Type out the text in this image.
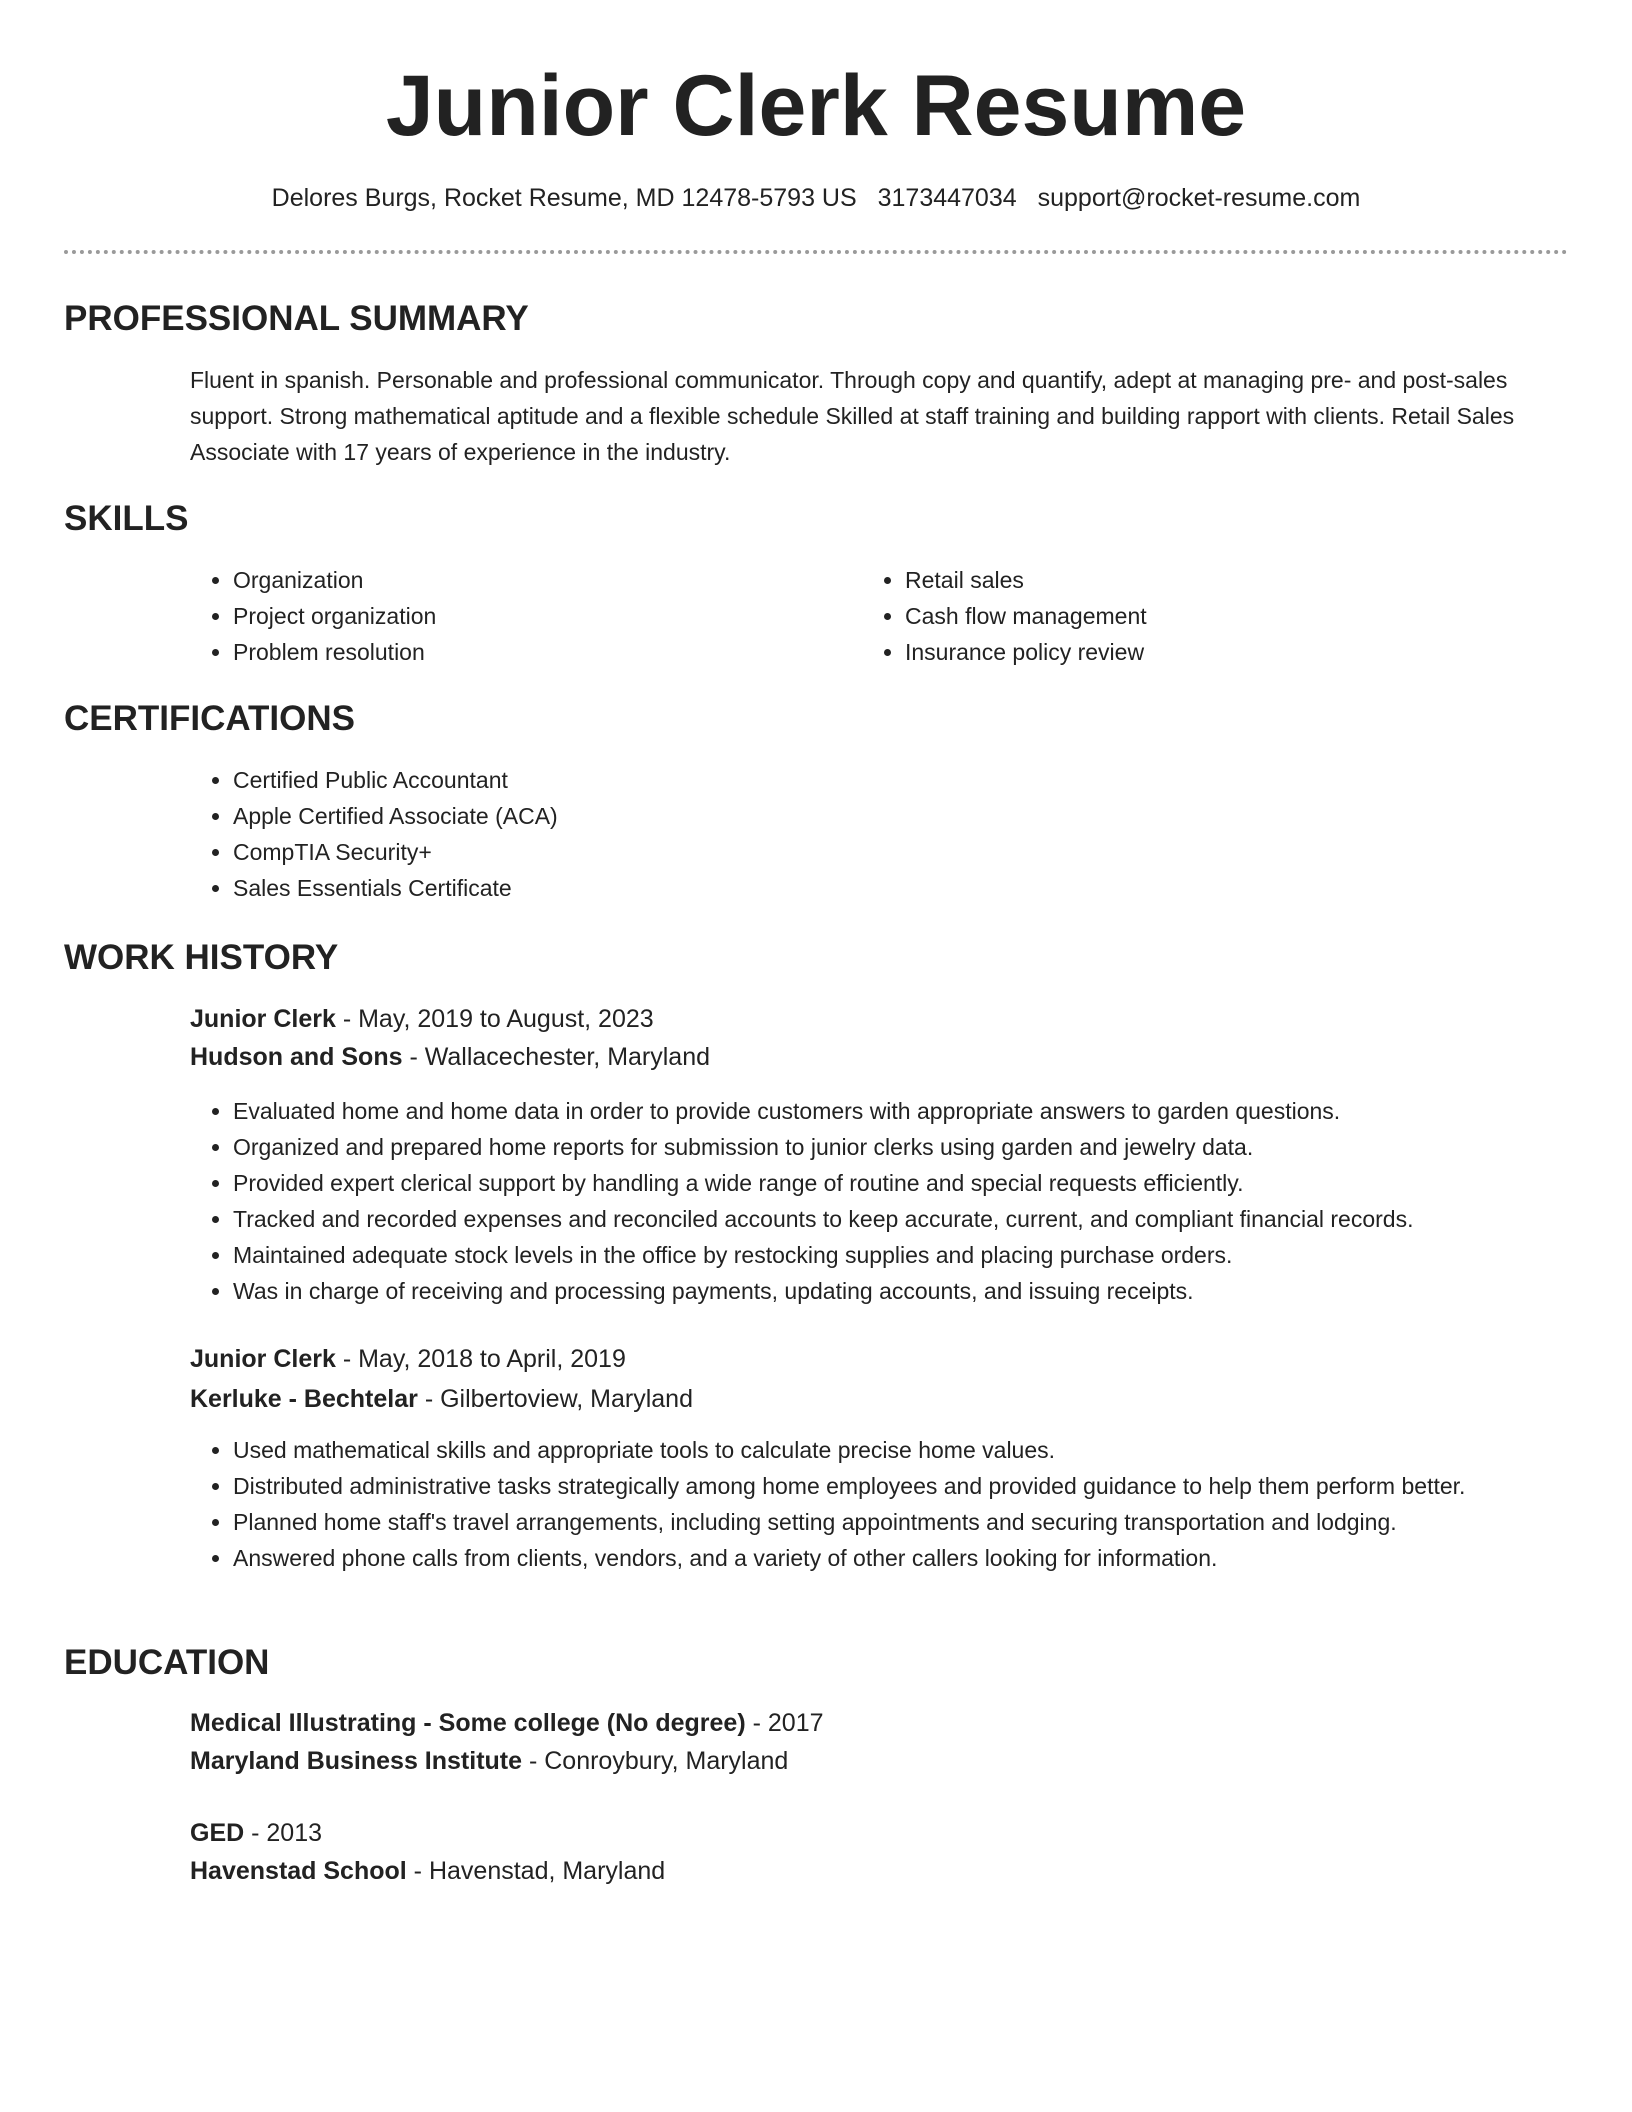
Junior Clerk Resume
Delores Burgs, Rocket Resume, MD 12478-5793 US 3173447034 support@rocket-resume.com
PROFESSIONAL SUMMARY

Fluent in spanish. Personable and professional communicator. Through copy and quantify, adept at managing pre- and post-sales support. Strong mathematical aptitude and a flexible schedule Skilled at staff training and building rapport with clients. Retail Sales Associate with 17 years of experience in the industry.

SKILLS
• Organization
• Project organization
• Problem resolution
• Retail sales
• Cash flow management
• Insurance policy review
CERTIFICATIONS
• Certified Public Accountant
• Apple Certified Associate (ACA)
• CompTIA Security+
• Sales Essentials Certificate
WORK HISTORY
Junior Clerk - May, 2019 to August, 2023
Hudson and Sons - Wallacechester, Maryland
• Evaluated home and home data in order to provide customers with appropriate answers to garden questions.
• Organized and prepared home reports for submission to junior clerks using garden and jewelry data.
• Provided expert clerical support by handling a wide range of routine and special requests efficiently.
• Tracked and recorded expenses and reconciled accounts to keep accurate, current, and compliant financial records.
• Maintained adequate stock levels in the office by restocking supplies and placing purchase orders.
• Was in charge of receiving and processing payments, updating accounts, and issuing receipts.
Junior Clerk - May, 2018 to April, 2019
Kerluke - Bechtelar - Gilbertoview, Maryland
• Used mathematical skills and appropriate tools to calculate precise home values.
• Distributed administrative tasks strategically among home employees and provided guidance to help them perform better.
• Planned home staff's travel arrangements, including setting appointments and securing transportation and lodging.
• Answered phone calls from clients, vendors, and a variety of other callers looking for information.
EDUCATION
Medical Illustrating - Some college (No degree) - 2017
Maryland Business Institute - Conroybury, Maryland
GED - 2013
Havenstad School - Havenstad, Maryland
